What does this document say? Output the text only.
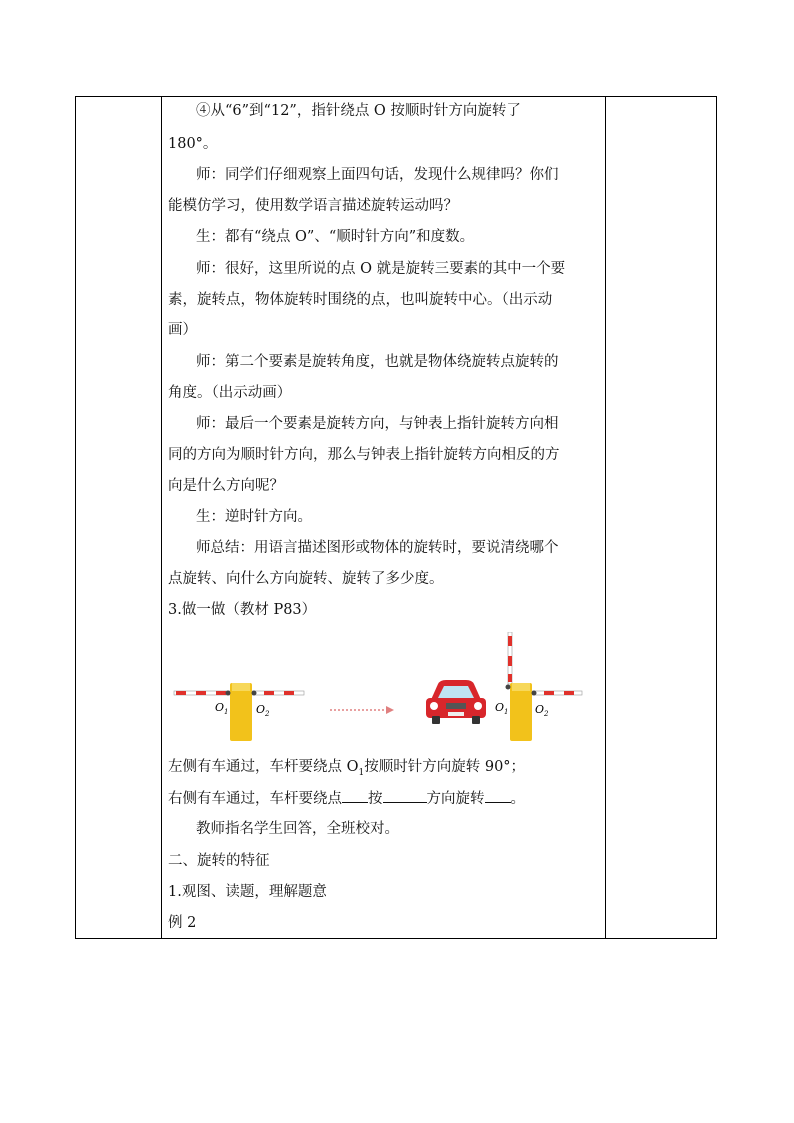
④从“6”到“12”，指针绕点 O 按顺时针方向旋转了
180°。
师：同学们仔细观察上面四句话，发现什么规律吗？你们
能模仿学习，使用数学语言描述旋转运动吗？
生：都有“绕点 O”、“顺时针方向”和度数。
师：很好，这里所说的点 O 就是旋转三要素的其中一个要
素，旋转点，物体旋转时围绕的点，也叫旋转中心。（出示动
画）
师：第二个要素是旋转角度，也就是物体绕旋转点旋转的
角度。（出示动画）
师：最后一个要素是旋转方向，与钟表上指针旋转方向相
同的方向为顺时针方向，那么与钟表上指针旋转方向相反的方
向是什么方向呢？
生：逆时针方向。
师总结：用语言描述图形或物体的旋转时，要说清绕哪个
点旋转、向什么方向旋转、旋转了多少度。
3.做一做（教材 P83）
$O_1$	$O_2$	$O_1$ $O_2$
左侧有车通过，车杆要绕点 $O_1$按顺时针方向旋转 90°；
右侧有车通过，车杆要绕点 按	方向旋转 。
教师指名学生回答，全班校对。
二、旋转的特征
1.观图、读题，理解题意
例 2
